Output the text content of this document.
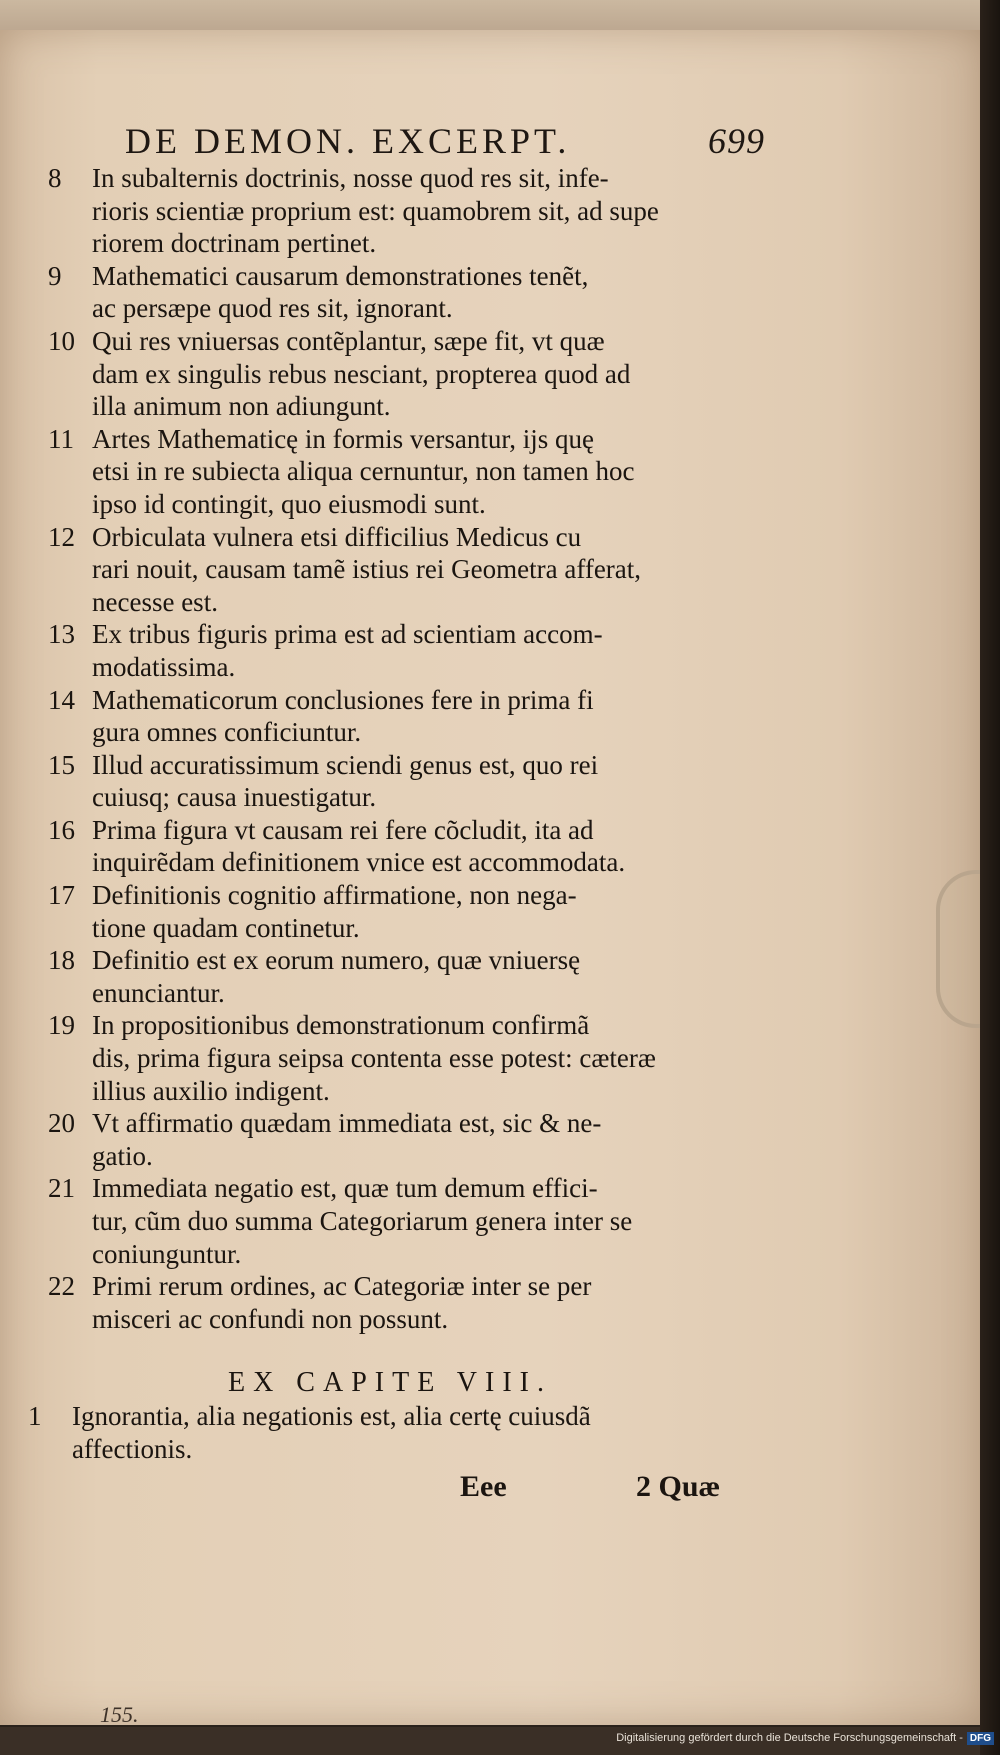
DE DEMON. EXCERPT.	699
8 In subalternis doctrinis, nosse quod res sit, infe-
rioris scientiæ proprium est: quamobrem sit, ad supe
riorem doctrinam pertinet.
9 Mathematici causarum demonstrationes tenẽt,
ac persæpe quod res sit, ignorant.
10 Qui res vniuersas contẽplantur, sæpe fit, vt quæ
dam ex singulis rebus nesciant, propterea quod ad
illa animum non adiungunt.
11 Artes Mathematicę in formis versantur, ijs quę
etsi in re subiecta aliqua cernuntur, non tamen hoc
ipso id contingit, quo eiusmodi sunt.
12 Orbiculata vulnera etsi difficilius Medicus cu
rari nouit, causam tamẽ istius rei Geometra afferat,
necesse est.
13 Ex tribus figuris prima est ad scientiam accom-
modatissima.
14 Mathematicorum conclusiones fere in prima fi
gura omnes conficiuntur.
15 Illud accuratissimum sciendi genus est, quo rei
cuiusq; causa inuestigatur.
16 Prima figura vt causam rei fere cõcludit, ita ad
inquirẽdam definitionem vnice est accommodata.
17 Definitionis cognitio affirmatione, non nega-
tione quadam continetur.
18 Definitio est ex eorum numero, quæ vniuersę
enunciantur.
19 In propositionibus demonstrationum confirmã
dis, prima figura seipsa contenta esse potest: cæteræ
illius auxilio indigent.
20 Vt affirmatio quædam immediata est, sic & ne-
gatio.
21 Immediata negatio est, quæ tum demum effici-
tur, cũm duo summa Categoriarum genera inter se
coniunguntur.
22 Primi rerum ordines, ac Categoriæ inter se per
misceri ac confundi non possunt.
EX CAPITE VIII.
1 Ignorantia, alia negationis est, alia certę cuiusdã
affectionis.
Eee	2 Quæ
155.
Digitalisierung gefördert durch die Deutsche Forschungsgemeinschaft - DFG
